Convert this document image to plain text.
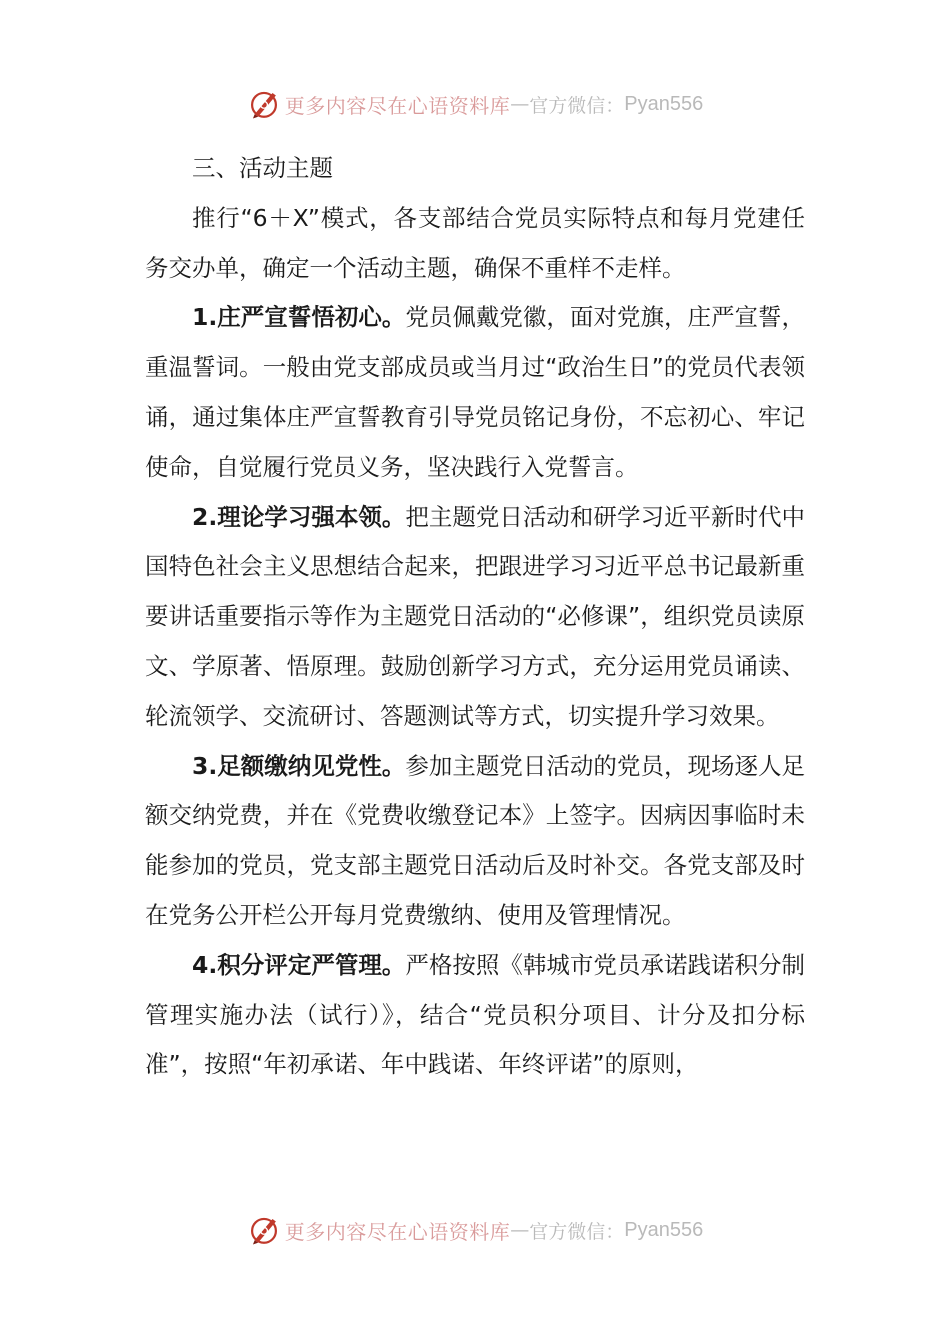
更多内容尽在心语资料库 — 官方微信： Pyan556

三、活动主题

推行“6＋X”模式，各支部结合党员实际特点和每月党建任务交办单，确定一个活动主题，确保不重样不走样。

1.庄严宣誓悟初心。党员佩戴党徽，面对党旗，庄严宣誓，重温誓词。一般由党支部成员或当月过“政治生日”的党员代表领诵，通过集体庄严宣誓教育引导党员铭记身份，不忘初心、牢记使命，自觉履行党员义务，坚决践行入党誓言。

2.理论学习强本领。把主题党日活动和研学习近平新时代中国特色社会主义思想结合起来，把跟进学习习近平总书记最新重要讲话重要指示等作为主题党日活动的“必修课”，组织党员读原文、学原著、悟原理。鼓励创新学习方式，充分运用党员诵读、轮流领学、交流研讨、答题测试等方式，切实提升学习效果。

3.足额缴纳见党性。参加主题党日活动的党员，现场逐人足额交纳党费，并在《党费收缴登记本》上签字。因病因事临时未能参加的党员，党支部主题党日活动后及时补交。各党支部及时在党务公开栏公开每月党费缴纳、使用及管理情况。

4.积分评定严管理。严格按照《韩城市党员承诺践诺积分制管理实施办法（试行）》，结合“党员积分项目、计分及扣分标准”，按照“年初承诺、年中践诺、年终评诺”的原则，

更多内容尽在心语资料库 — 官方微信： Pyan556
